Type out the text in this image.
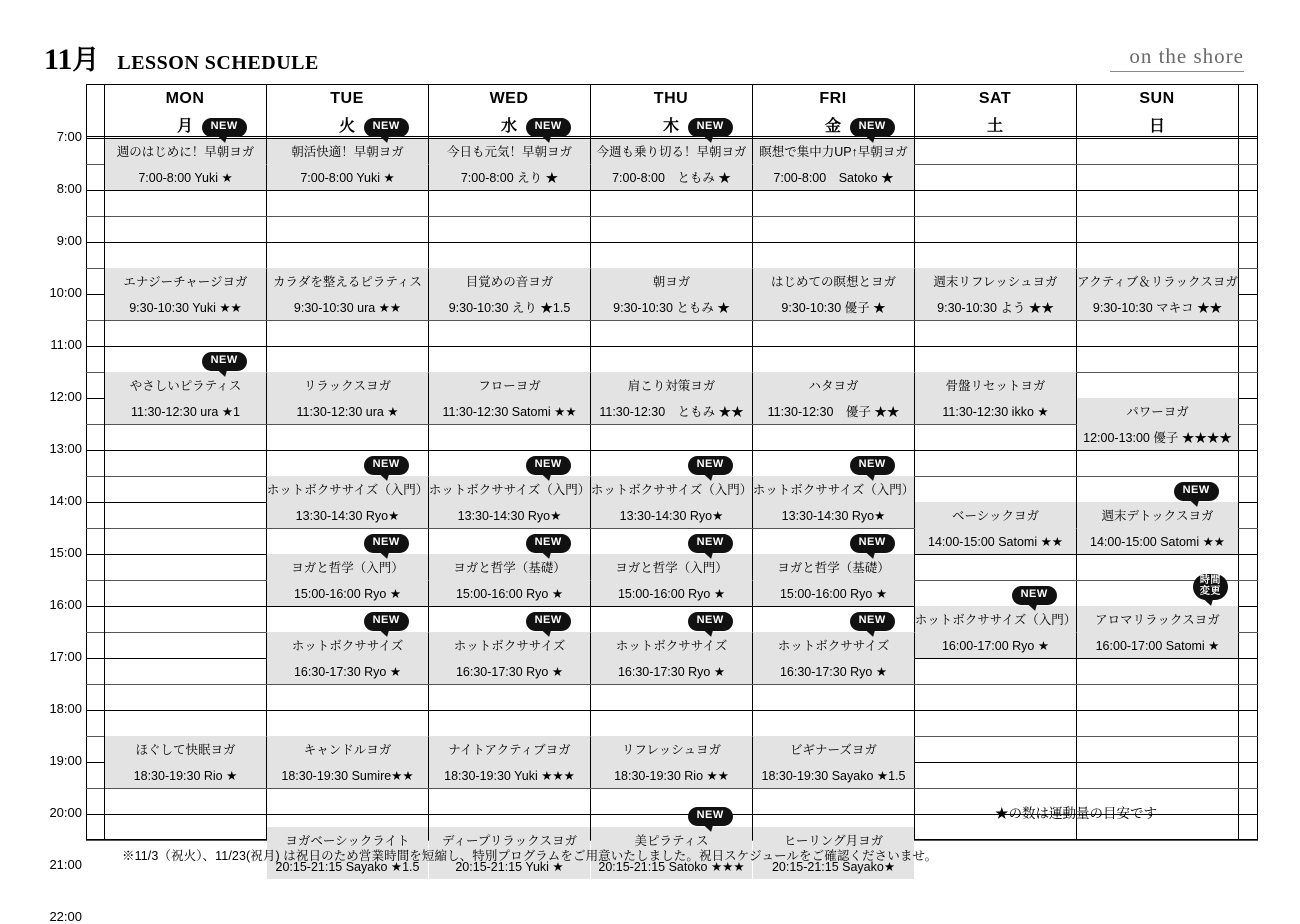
11月 LESSON SCHEDULE	on the shore
MON
月
TUE
火
WED
水
THU
木
FRI
金
SAT
土
SUN
日
週のはじめに！早朝ヨガ
7:00-8:00 Yuki ★
NEW
朝活快適！早朝ヨガ
7:00-8:00 Yuki ★
NEW
今日も元気！早朝ヨガ
7:00-8:00 えり ★
NEW
今週も乗り切る！早朝ヨガ
7:00-8:00　ともみ ★
NEW
瞑想で集中力UP↑早朝ヨガ
7:00-8:00　Satoko ★
NEW
エナジーチャージヨガ
9:30-10:30 Yuki ★★
カラダを整えるピラティス
9:30-10:30 ura ★★
目覚めの音ヨガ
9:30-10:30 えり ★1.5
朝ヨガ
9:30-10:30 ともみ ★
はじめての瞑想とヨガ
9:30-10:30 優子 ★
週末リフレッシュヨガ
9:30-10:30 よう ★★
アクティブ＆リラックスヨガ
9:30-10:30 マキコ ★★
やさしいピラティス
11:30-12:30 ura ★1
NEW
リラックスヨガ
11:30-12:30 ura ★
フローヨガ
11:30-12:30 Satomi ★★
肩こり対策ヨガ
11:30-12:30　ともみ ★★
ハタヨガ
11:30-12:30　優子 ★★
骨盤リセットヨガ
11:30-12:30 ikko ★	パワーヨガ
12:00-13:00 優子 ★★★★
ホットボクササイズ（入門）
13:30-14:30 Ryo★
NEW
ホットボクササイズ（入門）
13:30-14:30 Ryo★
NEW
ホットボクササイズ（入門）
13:30-14:30 Ryo★
NEW
ホットボクササイズ（入門）
13:30-14:30 Ryo★
NEW
ベーシックヨガ
14:00-15:00 Satomi ★★
週末デトックスヨガ
14:00-15:00 Satomi ★★
NEW
ヨガと哲学（入門）
15:00-16:00 Ryo ★
NEW
ヨガと哲学（基礎）
15:00-16:00 Ryo ★
NEW
ヨガと哲学（入門）
15:00-16:00 Ryo ★
NEW
ヨガと哲学（基礎）
15:00-16:00 Ryo ★
NEW
ホットボクササイズ（入門）
16:00-17:00 Ryo ★
NEW
アロマリラックスヨガ
16:00-17:00 Satomi ★
ホットボクササイズ
16:30-17:30 Ryo ★
NEW
ホットボクササイズ
16:30-17:30 Ryo ★
NEW
ホットボクササイズ
16:30-17:30 Ryo ★
NEW
ホットボクササイズ
16:30-17:30 Ryo ★
NEW
ほぐして快眠ヨガ
18:30-19:30 Rio ★
キャンドルヨガ
18:30-19:30 Sumire★★
ナイトアクティブヨガ
18:30-19:30 Yuki ★★★
リフレッシュヨガ
18:30-19:30 Rio ★★
ビギナーズヨガ
18:30-19:30 Sayako ★1.5
ヨガベーシックライト
20:15-21:15 Sayako ★1.5
ディープリラックスヨガ
20:15-21:15 Yuki ★
美ピラティス
20:15-21:15 Satoko ★★★
NEW
ヒーリング月ヨガ
20:15-21:15 Sayako★
時間
変更
★の数は運動量の目安です
※11/3（祝火）、11/23(祝月) は祝日のため営業時間を短縮し、特別プログラムをご用意いたしました。祝日スケジュールをご確認くださいませ。
7:00
8:00
9:00
10:00
11:00
12:00
13:00
14:00
15:00
16:00
17:00
18:00
19:00
20:00
21:00
22:00
